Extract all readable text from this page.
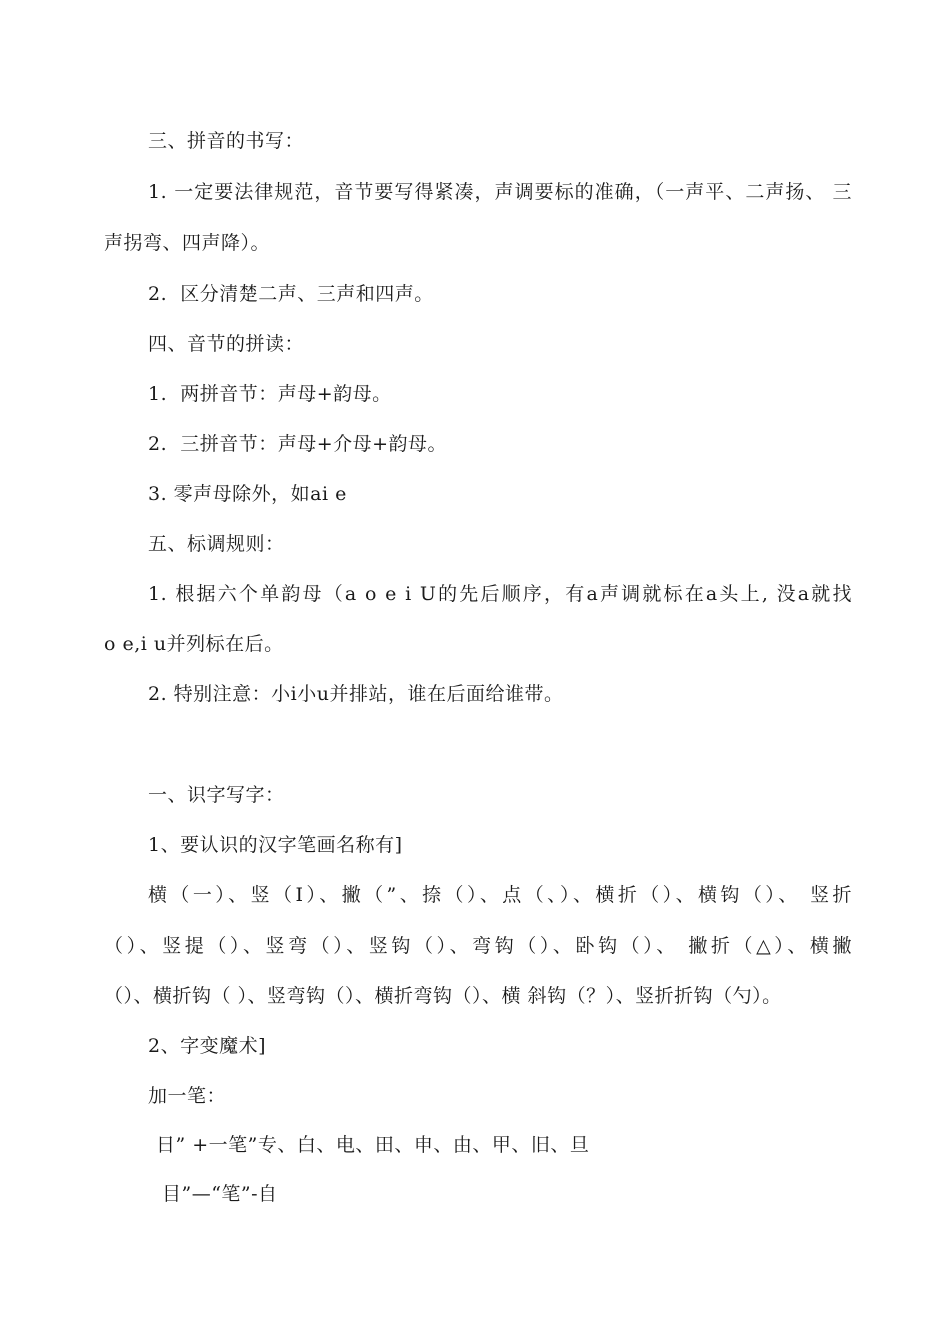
三、拼音的书写：
1. 一定要法律规范，音节要写得紧凑，声调要标的准确，（一声平、二声扬、 三
声拐弯、四声降）。
2.  区分清楚二声、三声和四声。
四、音节的拼读：
1.  两拼音节：声母+韵母。
2.  三拼音节：声母+介母+韵母。
3. 零声母除外，如ai e
五、标调规则：
1. 根据六个单韵母（a o e i U的先后顺序，有a声调就标在a头上, 没a就找
o e,i u并列标在后。
2. 特别注意：小i小u并排站，谁在后面给谁带。
一、识字写字：
1、要认识的汉字笔画名称有]
横（一）、竖（I）、撇（”、捺（）、点（、）、横折（）、横钩（）、 竖折
（）、竖提（）、竖弯（）、竖钩（）、弯钩（）、卧钩（）、 撇折（△）、横撇
（）、横折钩（ ）、竖弯钩（）、横折弯钩（）、横 斜钩（？）、竖折折钩（勺）。
2、字变魔术]
加一笔：
日” +一笔”专、白、电、田、申、由、甲、旧、旦
目”—“笔”-自
